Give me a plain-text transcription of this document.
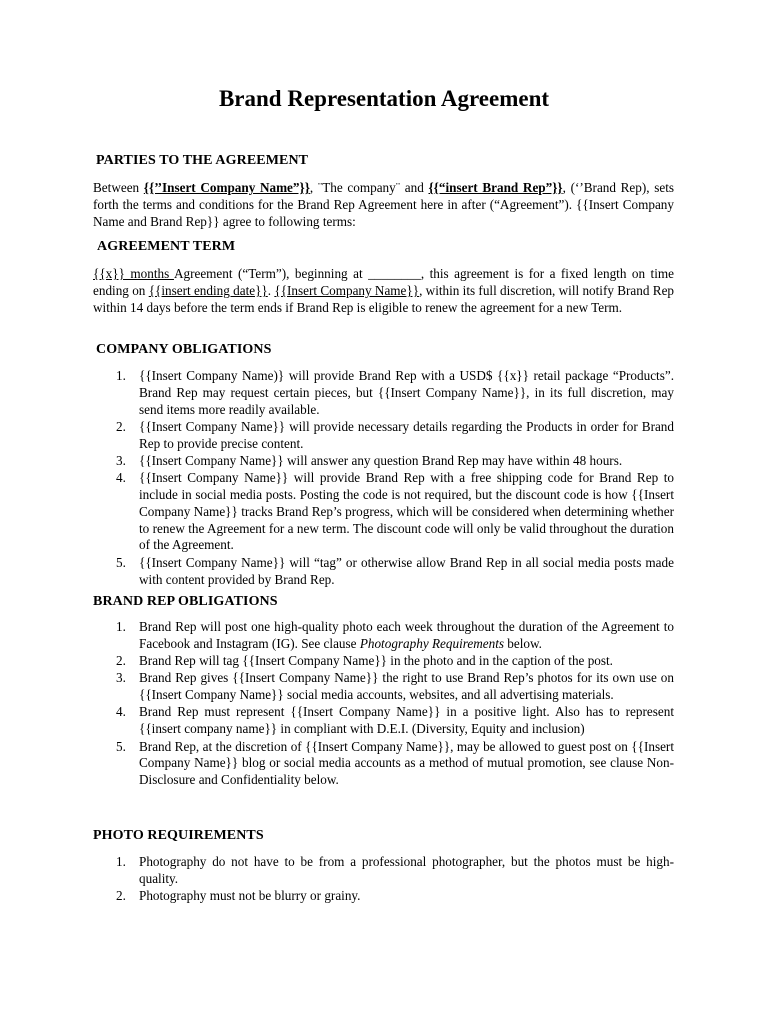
Brand Representation Agreement
PARTIES TO THE AGREEMENT

Between {{’’Insert Company Name”}}, ¨The company¨ and {{“insert Brand Rep”}}, (‘’Brand Rep), sets forth the terms and conditions for the Brand Rep Agreement here in after (“Agreement”). {{Insert Company Name and Brand Rep}} agree to following terms:

AGREEMENT TERM

{{x}} months Agreement (“Term”), beginning at ________, this agreement is for a fixed length on time ending on {{insert ending date}}. {{Insert Company Name}}, within its full discretion, will notify Brand Rep within 14 days before the term ends if Brand Rep is eligible to renew the agreement for a new Term.

COMPANY OBLIGATIONS
1. {{Insert Company Name)} will provide Brand Rep with a USD$ {{x}} retail package “Products”. Brand Rep may request certain pieces, but {{Insert Company Name}}, in its full discretion, may send items more readily available.
2. {{Insert Company Name}} will provide necessary details regarding the Products in order for Brand Rep to provide precise content.
3. {{Insert Company Name}} will answer any question Brand Rep may have within 48 hours.
4. {{Insert Company Name}} will provide Brand Rep with a free shipping code for Brand Rep to include in social media posts. Posting the code is not required, but the discount code is how {{Insert Company Name}} tracks Brand Rep’s progress, which will be considered when determining whether to renew the Agreement for a new term. The discount code will only be valid throughout the duration of the Agreement.
5. {{Insert Company Name}} will “tag” or otherwise allow Brand Rep in all social media posts made with content provided by Brand Rep.
BRAND REP OBLIGATIONS
1. Brand Rep will post one high-quality photo each week throughout the duration of the Agreement to Facebook and Instagram (IG). See clause Photography Requirements below.
2. Brand Rep will tag {{Insert Company Name}} in the photo and in the caption of the post.
3. Brand Rep gives {{Insert Company Name}} the right to use Brand Rep’s photos for its own use on {{Insert Company Name}} social media accounts, websites, and all advertising materials.
4. Brand Rep must represent {{Insert Company Name}} in a positive light. Also has to represent {{insert company name}} in compliant with D.E.I. (Diversity, Equity and inclusion)
5. Brand Rep, at the discretion of {{Insert Company Name}}, may be allowed to guest post on {{Insert Company Name}} blog or social media accounts as a method of mutual promotion, see clause Non-Disclosure and Confidentiality below.
PHOTO REQUIREMENTS
1. Photography do not have to be from a professional photographer, but the photos must be high-quality.
2. Photography must not be blurry or grainy.
